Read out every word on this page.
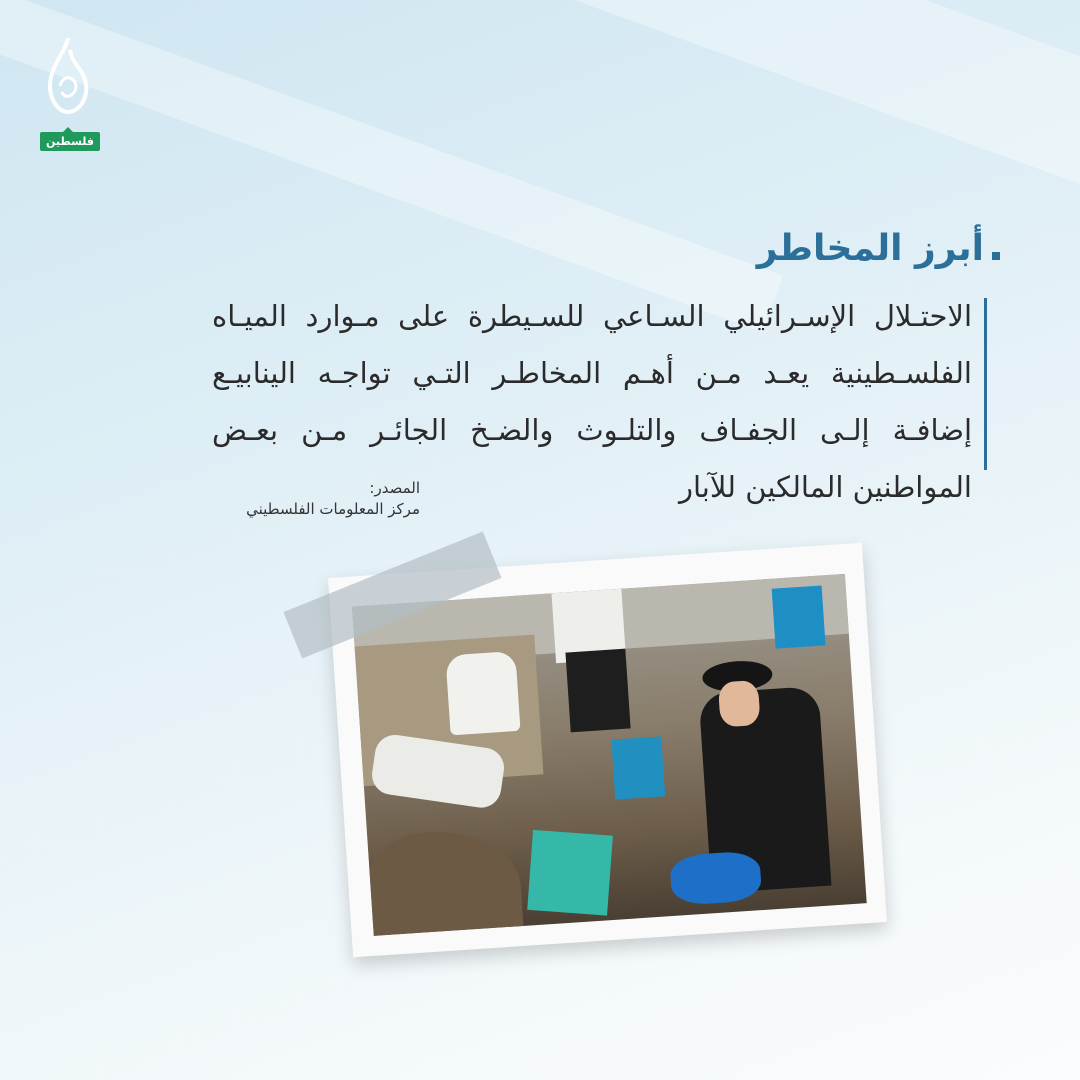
فلسطين
أبرز المخاطر
الاحتـلال الإسـرائيلي السـاعي للسـيطرة على مـوارد الميـاه
الفلسـطينية يعـد مـن أهـم المخاطـر التـي تواجـه الينابيـع
إضافـة إلـى الجفـاف والتلـوث والضـخ الجائـر مـن بعـض
المواطنين المالكين للآبار
المصدر:
مركز المعلومات الفلسطيني
